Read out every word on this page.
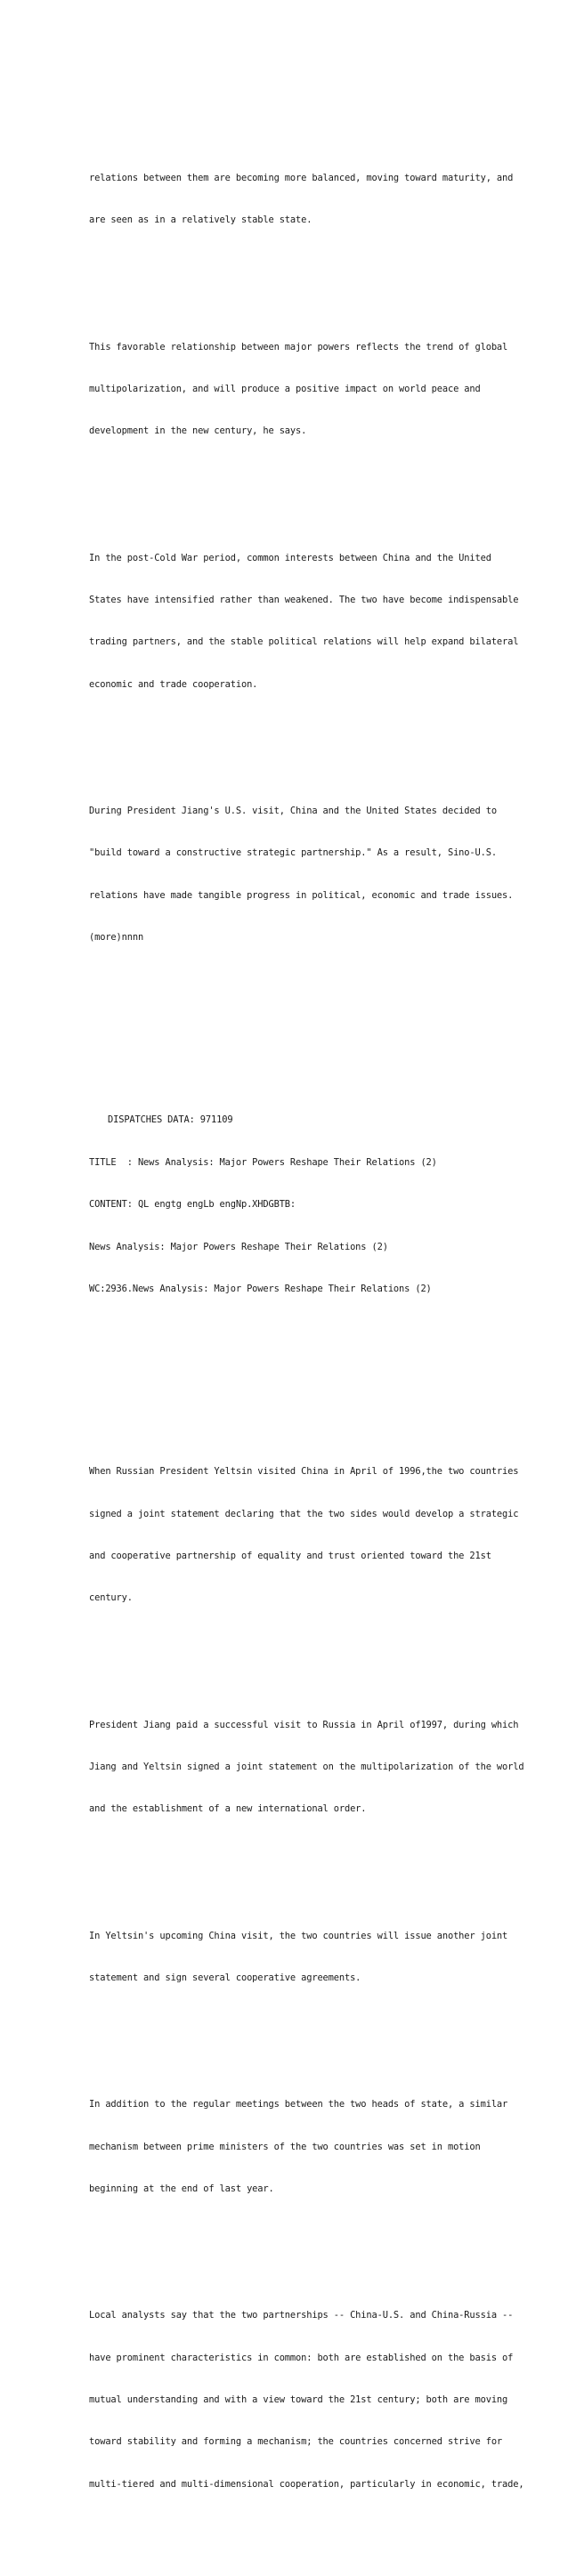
relations between them are becoming more balanced, moving toward maturity, and

are seen as in a relatively stable state.

This favorable relationship between major powers reflects the trend of global

multipolarization, and will produce a positive impact on world peace and

development in the new century, he says.

In the post-Cold War period, common interests between China and the United

States have intensified rather than weakened. The two have become indispensable

trading partners, and the stable political relations will help expand bilateral

economic and trade cooperation.

During President Jiang's U.S. visit, China and the United States decided to

"build toward a constructive strategic partnership." As a result, Sino-U.S.

relations have made tangible progress in political, economic and trade issues.

(more)nnnn

DISPATCHES DATA: 971109

TITLE  : News Analysis: Major Powers Reshape Their Relations (2)

CONTENT: QL engtg engLb engNp.XHDGBTB:

News Analysis: Major Powers Reshape Their Relations (2)

WC:2936.News Analysis: Major Powers Reshape Their Relations (2)

When Russian President Yeltsin visited China in April of 1996,the two countries

signed a joint statement declaring that the two sides would develop a strategic

and cooperative partnership of equality and trust oriented toward the 21st

century.

President Jiang paid a successful visit to Russia in April of1997, during which

Jiang and Yeltsin signed a joint statement on the multipolarization of the world

and the establishment of a new international order.

In Yeltsin's upcoming China visit, the two countries will issue another joint

statement and sign several cooperative agreements.

In addition to the regular meetings between the two heads of state, a similar

mechanism between prime ministers of the two countries was set in motion

beginning at the end of last year.

Local analysts say that the two partnerships -- China-U.S. and China-Russia --

have prominent characteristics in common: both are established on the basis of

mutual understanding and with a view toward the 21st century; both are moving

toward stability and forming a mechanism; the countries concerned strive for

multi-tiered and multi-dimensional cooperation, particularly in economic, trade,
